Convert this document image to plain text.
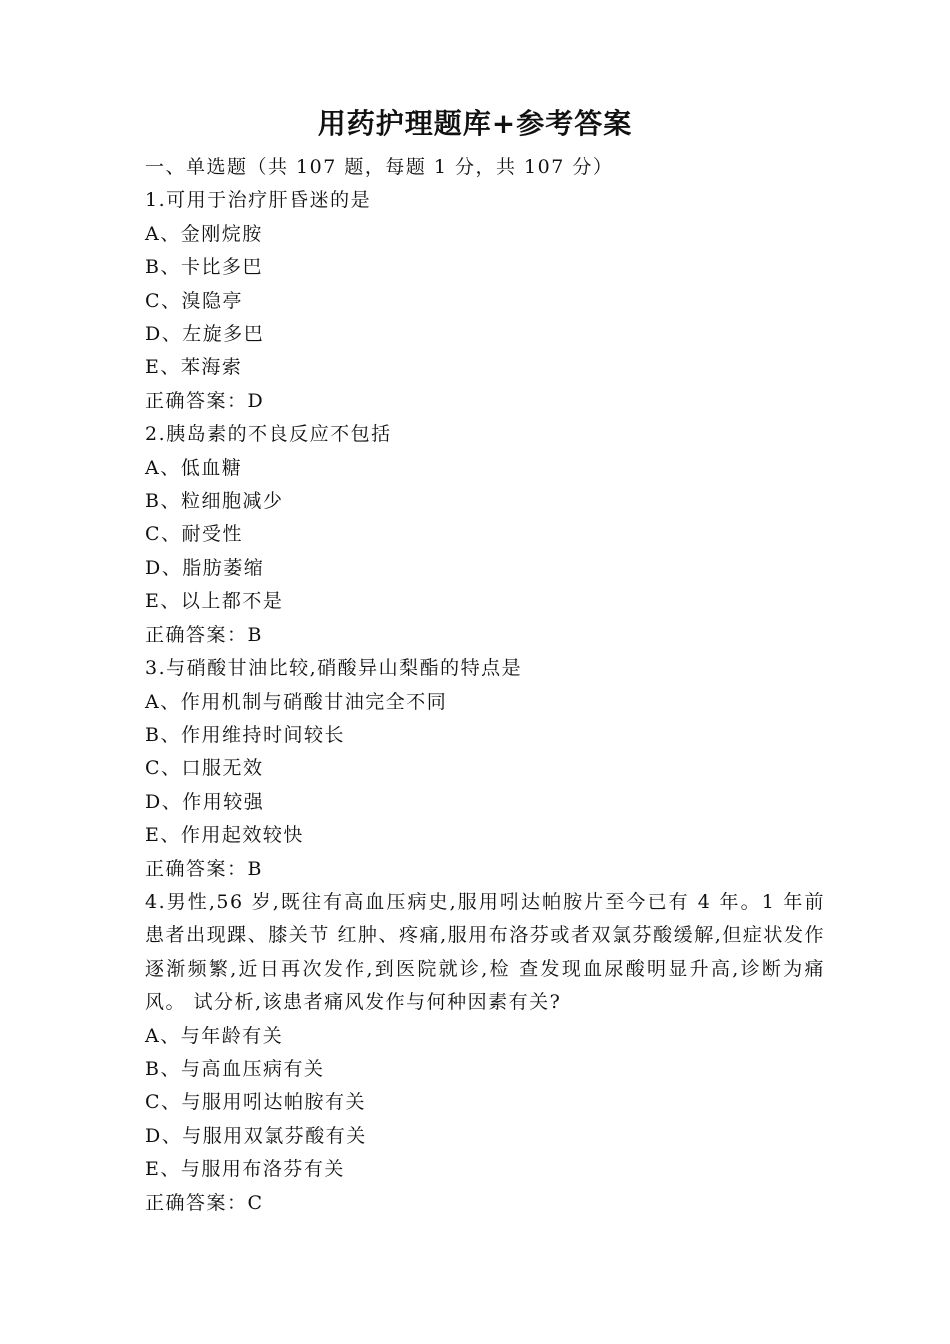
用药护理题库+参考答案
一、单选题（共 107 题，每题 1 分，共 107 分）
1.可用于治疗肝昏迷的是
A、金刚烷胺
B、卡比多巴
C、溴隐亭
D、左旋多巴
E、苯海索
正确答案：D
2.胰岛素的不良反应不包括
A、低血糖
B、粒细胞减少
C、耐受性
D、脂肪萎缩
E、以上都不是
正确答案：B
3.与硝酸甘油比较,硝酸异山梨酯的特点是
A、作用机制与硝酸甘油完全不同
B、作用维持时间较长
C、口服无效
D、作用较强
E、作用起效较快
正确答案：B
4.男性,56 岁,既往有高血压病史,服用吲达帕胺片至今已有 4 年。1 年前患者出现踝、膝关节 红肿、疼痛,服用布洛芬或者双氯芬酸缓解,但症状发作逐渐频繁,近日再次发作,到医院就诊,检 查发现血尿酸明显升高,诊断为痛风。 试分析,该患者痛风发作与何种因素有关?
A、与年龄有关
B、与高血压病有关
C、与服用吲达帕胺有关
D、与服用双氯芬酸有关
E、与服用布洛芬有关
正确答案：C
